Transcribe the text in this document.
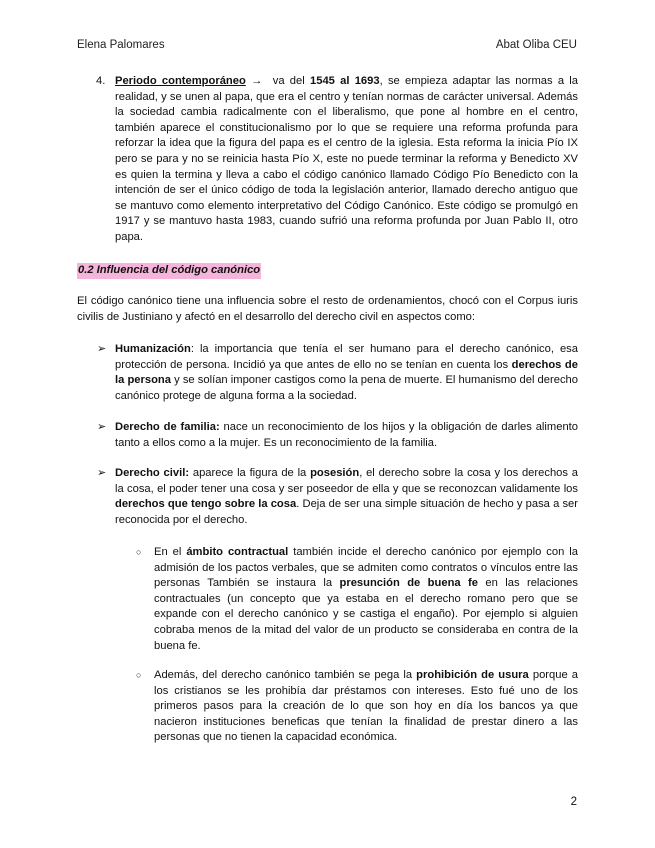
Elena Palomares	Abat Oliba CEU
4. Periodo contemporáneo → va del 1545 al 1693, se empieza adaptar las normas a la realidad, y se unen al papa, que era el centro y tenían normas de carácter universal. Además la sociedad cambia radicalmente con el liberalismo, que pone al hombre en el centro, también aparece el constitucionalismo por lo que se requiere una reforma profunda para reforzar la idea que la figura del papa es el centro de la iglesia. Esta reforma la inicia Pío IX pero se para y no se reinicia hasta Pío X, este no puede terminar la reforma y Benedicto XV es quien la termina y lleva a cabo el código canónico llamado Código Pío Benedicto con la intención de ser el único código de toda la legislación anterior, llamado derecho antiguo que se mantuvo como elemento interpretativo del Código Canónico. Este código se promulgó en 1917 y se mantuvo hasta 1983, cuando sufrió una reforma profunda por Juan Pablo II, otro papa.
0.2 Influencia del código canónico
El código canónico tiene una influencia sobre el resto de ordenamientos, chocó con el Corpus iuris civilis de Justiniano y afectó en el desarrollo del derecho civil en aspectos como:
➢ Humanización: la importancia que tenía el ser humano para el derecho canónico, esa protección de persona. Incidió ya que antes de ello no se tenían en cuenta los derechos de la persona y se solían imponer castigos como la pena de muerte. El humanismo del derecho canónico protege de alguna forma a la sociedad.
➢ Derecho de familia: nace un reconocimiento de los hijos y la obligación de darles alimento tanto a ellos como a la mujer. Es un reconocimiento de la familia.
➢ Derecho civil: aparece la figura de la posesión, el derecho sobre la cosa y los derechos a la cosa, el poder tener una cosa y ser poseedor de ella y que se reconozcan validamente los derechos que tengo sobre la cosa. Deja de ser una simple situación de hecho y pasa a ser reconocida por el derecho.
○ En el ámbito contractual también incide el derecho canónico por ejemplo con la admisión de los pactos verbales, que se admiten como contratos o vínculos entre las personas También se instaura la presunción de buena fe en las relaciones contractuales (un concepto que ya estaba en el derecho romano pero que se expande con el derecho canónico y se castiga el engaño). Por ejemplo si alguien cobraba menos de la mitad del valor de un producto se consideraba en contra de la buena fe.
○ Además, del derecho canónico también se pega la prohibición de usura porque a los cristianos se les prohibía dar préstamos con intereses. Esto fué uno de los primeros pasos para la creación de lo que son hoy en día los bancos ya que nacieron instituciones beneficas que tenían la finalidad de prestar dinero a las personas que no tienen la capacidad económica.
2
